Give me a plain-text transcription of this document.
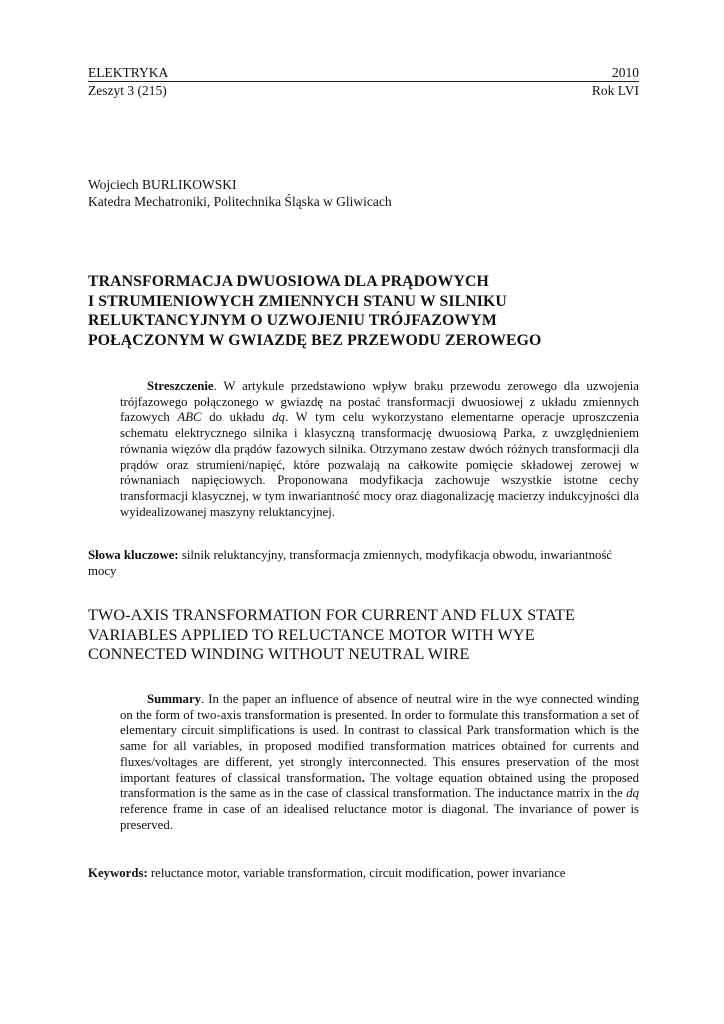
ELEKTRYKA	2010
Zeszyt 3 (215)	Rok LVI
Wojciech BURLIKOWSKI
Katedra Mechatroniki, Politechnika Śląska w Gliwicach
TRANSFORMACJA DWUOSIOWA DLA PRĄDOWYCH
I STRUMIENIOWYCH ZMIENNYCH STANU W SILNIKU
RELUKTANCYJNYM O UZWOJENIU TRÓJFAZOWYM
POŁĄCZONYM W GWIAZDĘ BEZ PRZEWODU ZEROWEGO

Streszczenie. W artykule przedstawiono wpływ braku przewodu zerowego dla uzwojenia trójfazowego połączonego w gwiazdę na postać transformacji dwuosiowej z układu zmiennych fazowych ABC do układu dq. W tym celu wykorzystano elementarne operacje uproszczenia schematu elektrycznego silnika i klasyczną transformację dwuosiową Parka, z uwzględnieniem równania więzów dla prądów fazowych silnika. Otrzymano zestaw dwóch różnych transformacji dla prądów oraz strumieni/napięć, które pozwalają na całkowite pomięcie składowej zerowej w równaniach napięciowych. Proponowana modyfikacja zachowuje wszystkie istotne cechy transformacji klasycznej, w tym inwariantność mocy oraz diagonalizację macierzy indukcyjności dla wyidealizowanej maszyny reluktancyjnej.

Słowa kluczowe: silnik reluktancyjny, transformacja zmiennych, modyfikacja obwodu, inwariantność mocy

TWO-AXIS TRANSFORMATION FOR CURRENT AND FLUX STATE
VARIABLES APPLIED TO RELUCTANCE MOTOR WITH WYE
CONNECTED WINDING WITHOUT NEUTRAL WIRE

Summary. In the paper an influence of absence of neutral wire in the wye connected winding on the form of two-axis transformation is presented. In order to formulate this transformation a set of elementary circuit simplifications is used. In contrast to classical Park transformation which is the same for all variables, in proposed modified transformation matrices obtained for currents and fluxes/voltages are different, yet strongly interconnected. This ensures preservation of the most important features of classical transformation. The voltage equation obtained using the proposed transformation is the same as in the case of classical transformation. The inductance matrix in the dq reference frame in case of an idealised reluctance motor is diagonal. The invariance of power is preserved.

Keywords: reluctance motor, variable transformation, circuit modification, power invariance
